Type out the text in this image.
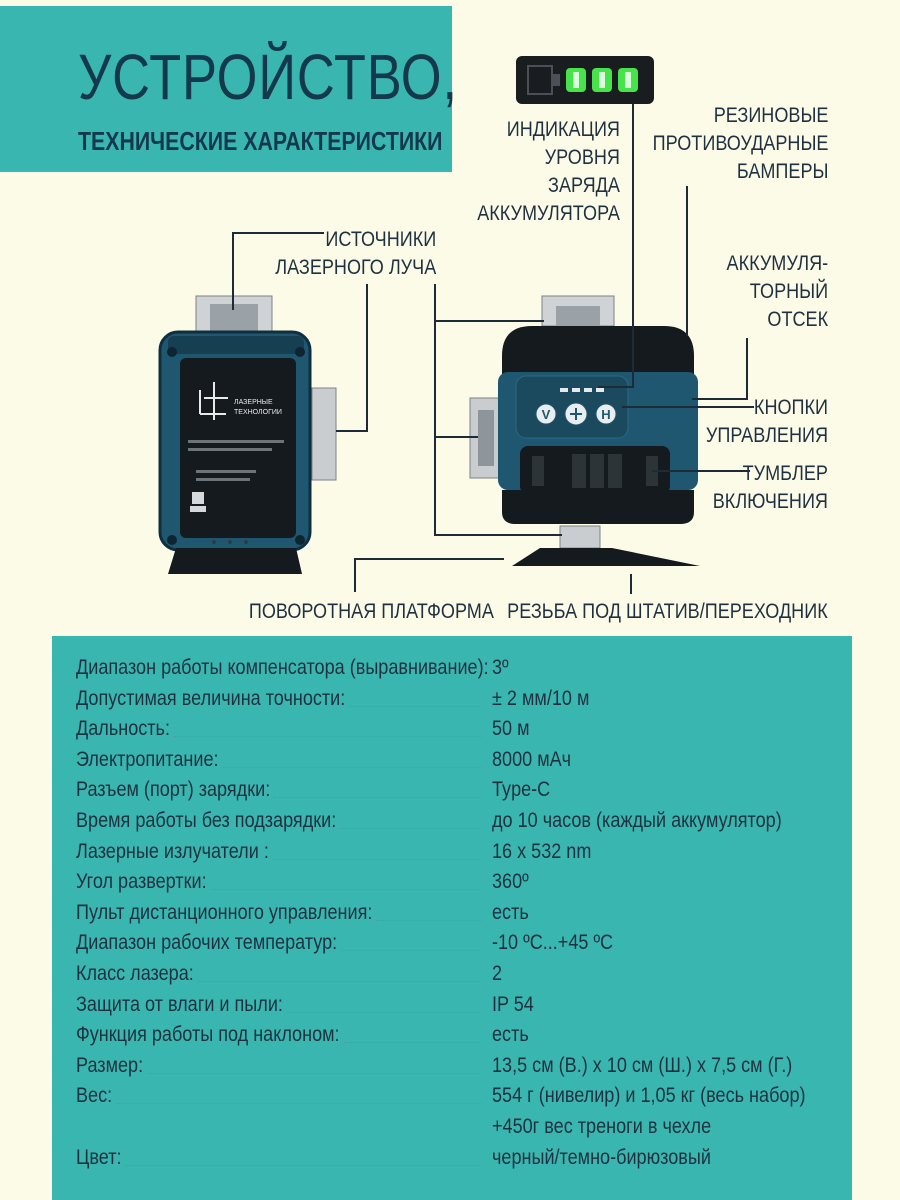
УСТРОЙСТВО,
ТЕХНИЧЕСКИЕ ХАРАКТЕРИСТИКИ
ЛАЗЕРНЫЕ
ТЕХНОЛОГИИ	V	H
ИНДИКАЦИЯ
УРОВНЯ
ЗАРЯДА
АККУМУЛЯТОРА
РЕЗИНОВЫЕ
ПРОТИВОУДАРНЫЕ
БАМПЕРЫ
ИСТОЧНИКИ
ЛАЗЕРНОГО ЛУЧА	АККУМУЛЯ-
ТОРНЫЙ
ОТСЕК
КНОПКИ
УПРАВЛЕНИЯ
ТУМБЛЕР
ВКЛЮЧЕНИЯ
ПОВОРОТНАЯ ПЛАТФОРМА РЕЗЬБА ПОД ШТАТИВ/ПЕРЕХОДНИК
Диапазон работы компенсатора (выравнивание): 3º
Допустимая величина точности:	± 2 мм/10 м
Дальность:	50 м
Электропитание:	8000 мАч
Разъем (порт) зарядки:	Type-C
Время работы без подзарядки:	до 10 часов (каждый аккумулятор)
Лазерные излучатели :	16 x 532 nm
Угол развертки:	360º
Пульт дистанционного управления:	есть
Диапазон рабочих температур:	-10 ºC...+45 ºC
Класс лазера:	2
Защита от влаги и пыли:	IP 54
Функция работы под наклоном:	есть
Размер:	13,5 см (В.) x 10 см (Ш.) x 7,5 см (Г.)
Вес:	554 г (нивелир) и 1,05 кг (весь набор)
+450г вес треноги в чехле
Цвет:	черный/темно-бирюзовый
